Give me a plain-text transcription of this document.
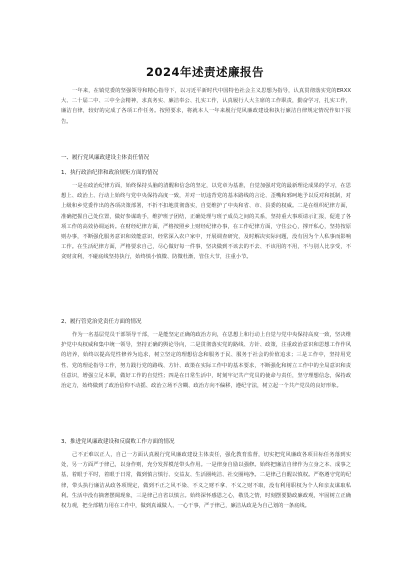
2024年述责述廉报告

一年来，在镇党委的坚强领导和精心指导下，以习近平新时代中国特色社会主义思想为指导，认真贯彻落实党的ERXX大、二十届二中、三中全会精神，求真务实、廉洁奉公、扎实工作，认真履行人大主席的工作职责，勤奋学习，扎实工作，廉洁自律，较好的完成了各项工作任务。按照要求，将就本人一年来履行党风廉政建设和执行廉洁自律规定情况作如下报告。

一、履行党风廉政建设主体责任情况
1、执行政治纪律和政治规矩方面的情况

一是在政治纪律方面，始终保持头脑的清醒和信念的坚定，以党章为基准，自觉加强对党的最新理论成果的学习，在思想上、政治上、行动上始终与党中央保持高度一致，并对一切违背党的基本路线的言论、歪嘴和邪呵地予以反对和抵制，对上级和乡党委作出的各项决策部署，不折不扣地贯彻落实，自觉维护了中央和省、市、县委的权威。二是在组织纪律方面，准确把握自己处位置，做好参谋助手，维护班子团结，正确处理与班子成员之间的关系，坚持重大事项请示汇报，促进了各项工作的高效协调运转。在财经纪律方面，严格按照乡上财经纪律办事，在工作纪律方面，守住公心，撑开私心，坚持按原则办事，不断强化服务意识和效能意识，经常深入农户家中，开展调查研究，及时解决实际问题，没有因为个人私事而影响工作。在生活纪律方面，严格要求自己，尽心做好每一件事，坚决做到不该去的不去、不该用的不用，不与别人比享受，不贪财贪利，不碰底线坚持执行，始终慎小慎微、防微杜渐，管住大节，注重小节。

2、履行管党治党责任方面的情况

作为一名基层党员干部领导干部，一是能坚定正确的政治方向，在思想上和行动上自觉与党中央保持高度一致，坚决维护党中央权威和集中统一领导，坚持正确的舆论导向，二是贯彻落实党的路线、方针、政策，注重政治意识和思想工作作风的培养，始终以提高党性修养为追求，树立坚定的理想信念和服务于民、服务于社会的价值追求；三是工作中，坚持用党性、党的理论指导工作，努力践行党的路线、方针、政策在实际工作中的基本要求，不断强化和树立工作中的全局意识和责任意识，增强立足本职，做好工作的自觉性；四是在日常生活中，时刻牢记共产党员的使命与责任，坚守理想信念，保持政治定力，始终做到了政治信仰不动摇、政治立场不含糊、政治方向不偏移，遵纪守法，树立起一个共产党员的良好形象。

3、推进党风廉政建设和反腐败工作方面的情况

己不正难以正人，自己一方面认真履行党风廉政建设主体责任，强化教育监督，切实把党风廉政各项目标任务落到实处，另一方面严于律己，以身作则，充分发挥模范带头作用。一是律身自励以强修。始终把廉洁自律作为立身之本、成事之基，着眼于平时，着眼于日常，做到慎言慎行、交益友、生活圈纯洁、社交圈纯净。二是律己自醒以慎权。严格遵守党的纪律，带头执行廉洁从政各项规定，做到不正之风不染、不义之财不拿、不义之财不取，没有利用职权为个人和亲友谋取私利。生活中没有摘奢摆阔现象，三是律己自省以慎言。始终深怀感恩之心，敬畏之情，时刻摆要勤政廉政观，牢固树立正确权力观，把全部精力用在工作中，做到真诚做人、一心干事，严于律己，廉洁从政是为自己划的一条底线。
